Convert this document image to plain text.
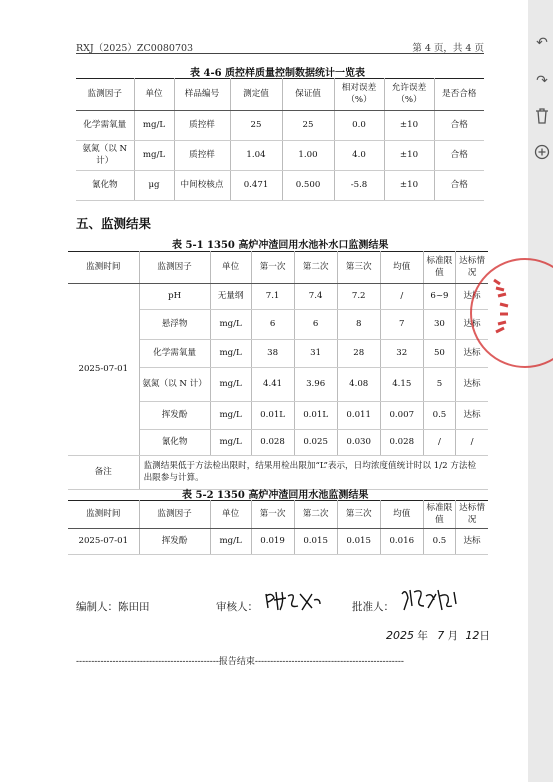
RXJ（2025）ZC0080703	第 4 页，共 4 页
表 4-6 质控样质量控制数据统计一览表
监测因子	单位	样品编号	测定值	保证值	相对误差（%）	允许误差（%）	是否合格
化学需氧量	mg/L	质控样	25	25	0.0	±10	合格
氨氮（以 N 计）	mg/L	质控样	1.04	1.00	4.0	±10	合格
氰化物	μg	中间校核点	0.471	0.500	-5.8	±10	合格
五、监测结果
表 5-1 1350 高炉冲渣回用水池补水口监测结果
监测时间	监测因子	单位	第一次	第二次	第三次	均值	标准限值	达标情况
2025-07-01	pH	无量纲	7.1	7.4	7.2	/	6~9	达标
	悬浮物	mg/L	6	6	8	7	30	达标
	化学需氧量	mg/L	38	31	28	32	50	达标
	氨氮（以 N 计）	mg/L	4.41	3.96	4.08	4.15	5	达标
	挥发酚	mg/L	0.01L	0.01L	0.011	0.007	0.5	达标
	氰化物	mg/L	0.028	0.025	0.030	0.028	/	/
备注	监测结果低于方法检出限时，结果用检出限加“L”表示，日均浓度值统计时以 1/2 方法检出限参与计算。							
表 5-2 1350 高炉冲渣回用水池监测结果
监测时间	监测因子	单位	第一次	第二次	第三次	均值	标准限值	达标情况
2025-07-01	挥发酚	mg/L	0.019	0.015	0.015	0.016	0.5	达标
编制人：陈田田	审核人：	批准人：
2025 年 7 月 12日
-----------------------------------------------报告结束-------------------------------------------------
↶
↷
